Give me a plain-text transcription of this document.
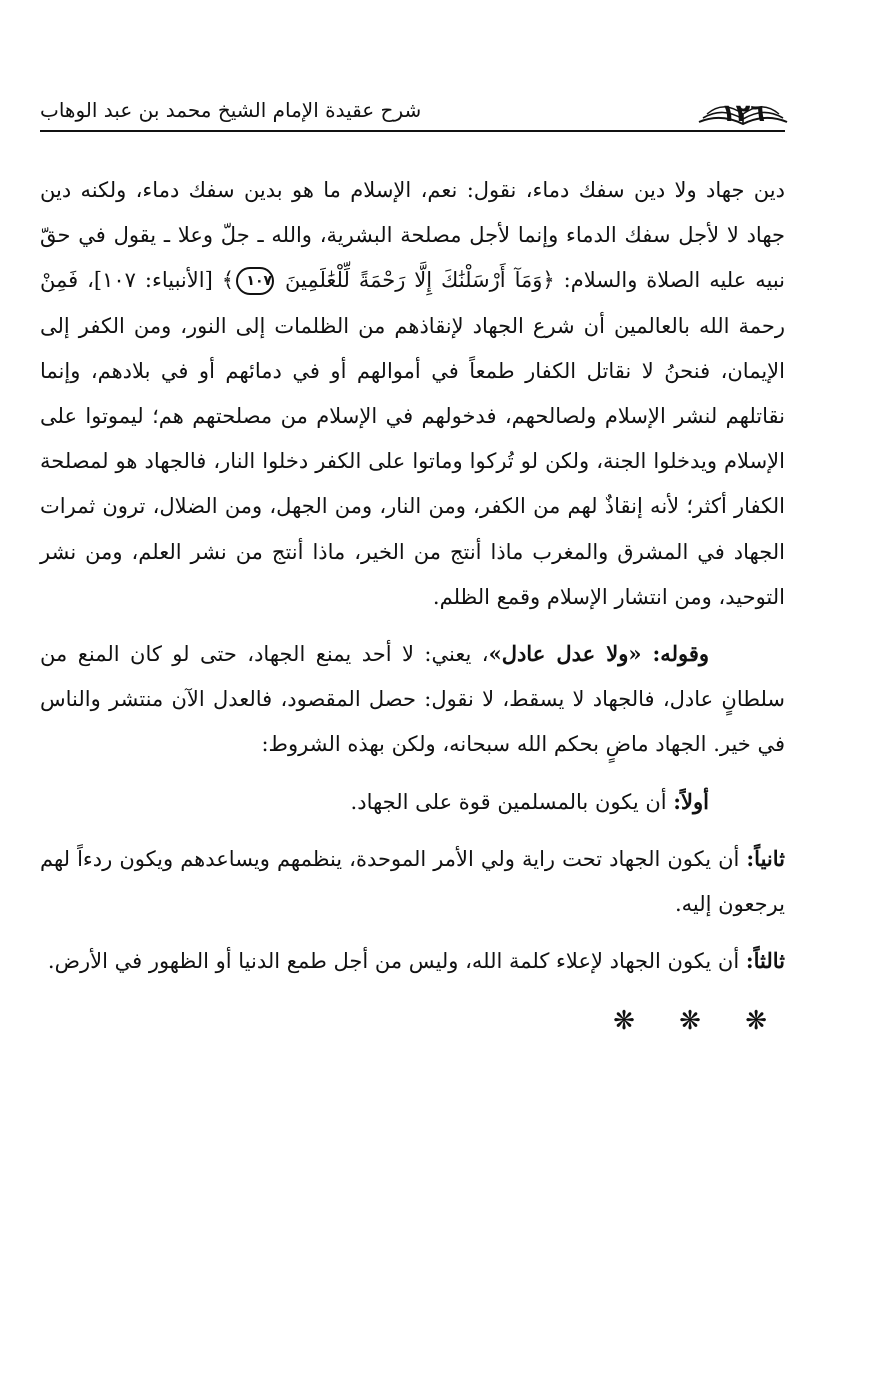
١٢٦
شرح عقيدة الإمام الشيخ محمد بن عبد الوهاب

دين جهاد ولا دين سفك دماء، نقول: نعم، الإسلام ما هو بدين سفك دماء، ولكنه دين جهاد لا لأجل سفك الدماء وإنما لأجل مصلحة البشرية، والله ـ جلّ وعلا ـ يقول في حقّ نبيه عليه الصلاة والسلام: ﴿وَمَآ أَرْسَلْنَٰكَ إِلَّا رَحْمَةً لِّلْعَٰلَمِينَ ١٠٧﴾ [الأنبياء: ١٠٧]، فَمِنْ رحمة الله بالعالمين أن شرع الجهاد لإنقاذهم من الظلمات إلى النور، ومن الكفر إلى الإيمان، فنحنُ لا نقاتل الكفار طمعاً في أموالهم أو في دمائهم أو في بلادهم، وإنما نقاتلهم لنشر الإسلام ولصالحهم، فدخولهم في الإسلام من مصلحتهم هم؛ ليموتوا على الإسلام ويدخلوا الجنة، ولكن لو تُركوا وماتوا على الكفر دخلوا النار، فالجهاد هو لمصلحة الكفار أكثر؛ لأنه إنقاذٌ لهم من الكفر، ومن النار، ومن الجهل، ومن الضلال، ترون ثمرات الجهاد في المشرق والمغرب ماذا أنتج من الخير، ماذا أنتج من نشر العلم، ومن نشر التوحيد، ومن انتشار الإسلام وقمع الظلم.

وقوله: «ولا عدل عادل»، يعني: لا أحد يمنع الجهاد، حتى لو كان المنع من سلطانٍ عادل، فالجهاد لا يسقط، لا نقول: حصل المقصود، فالعدل الآن منتشر والناس في خير. الجهاد ماضٍ بحكم الله سبحانه، ولكن بهذه الشروط:

أولاً: أن يكون بالمسلمين قوة على الجهاد.

ثانياً: أن يكون الجهاد تحت راية ولي الأمر الموحدة، ينظمهم ويساعدهم ويكون ردءاً لهم يرجعون إليه.

ثالثاً: أن يكون الجهاد لإعلاء كلمة الله، وليس من أجل طمع الدنيا أو الظهور في الأرض.

❋ ❋ ❋
